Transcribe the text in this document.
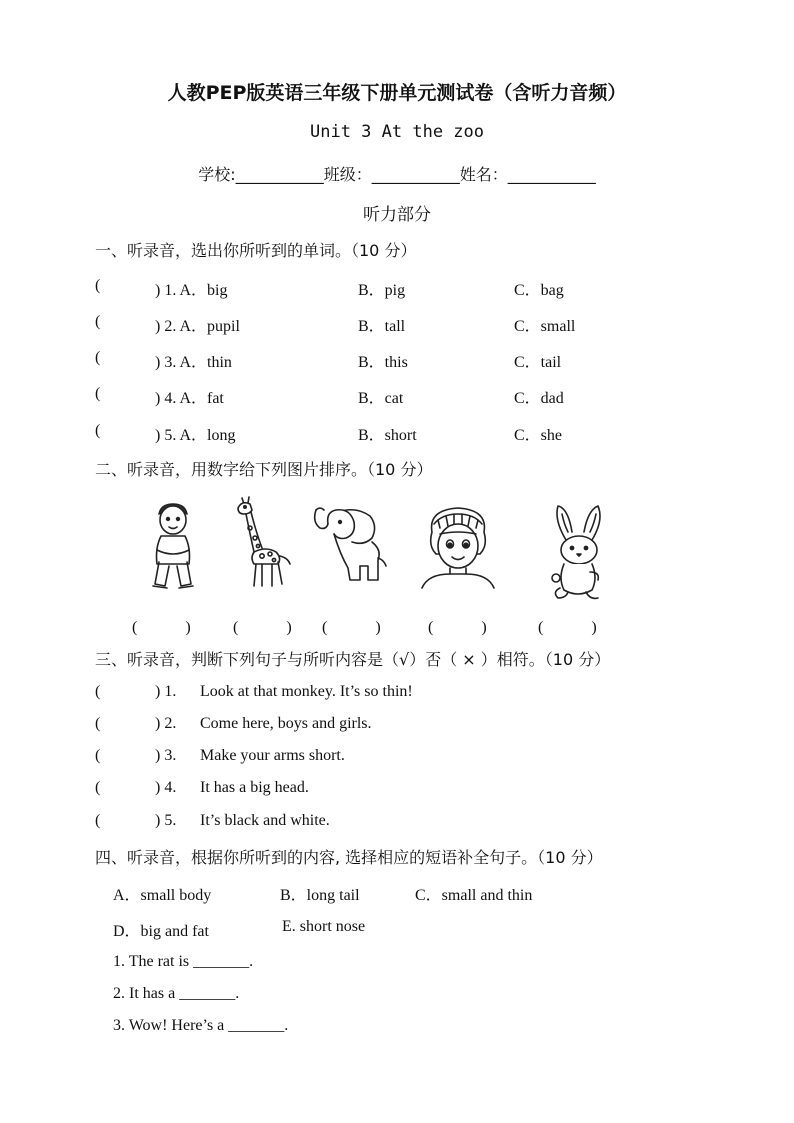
人教PEP版英语三年级下册单元测试卷（含听力音频）
Unit 3 At the zoo
学校:___________班级：___________姓名：___________
听力部分
一、听录音，选出你所听到的单词。（10 分）
(	) 1. A．big	B．pig	C．bag
(	) 2. A．pupil	B．tall	C．small
(	) 3. A．thin	B．this	C．tail
(	) 4. A．fat	B．cat	C．dad
(	) 5. A．long	B．short	C．she
二、听录音，用数字给下列图片排序。（10 分）
(　　　)	(　　　) (　　　)	(　　　)	(　　　)
三、听录音，判断下列句子与所听内容是（√）否（ × ）相符。（10 分）
(	) 1. Look at that monkey. It’s so thin!
(	) 2. Come here, boys and girls.
(	) 3. Make your arms short.
(	) 4. It has a big head.
(	) 5. It’s black and white.
四、听录音，根据你所听到的内容, 选择相应的短语补全句子。（10 分）
A．small body	B．long tail	C．small and thin
D．big and fat	E. short nose
1. The rat is _______.
2. It has a _______.
3. Wow! Here’s a _______.
